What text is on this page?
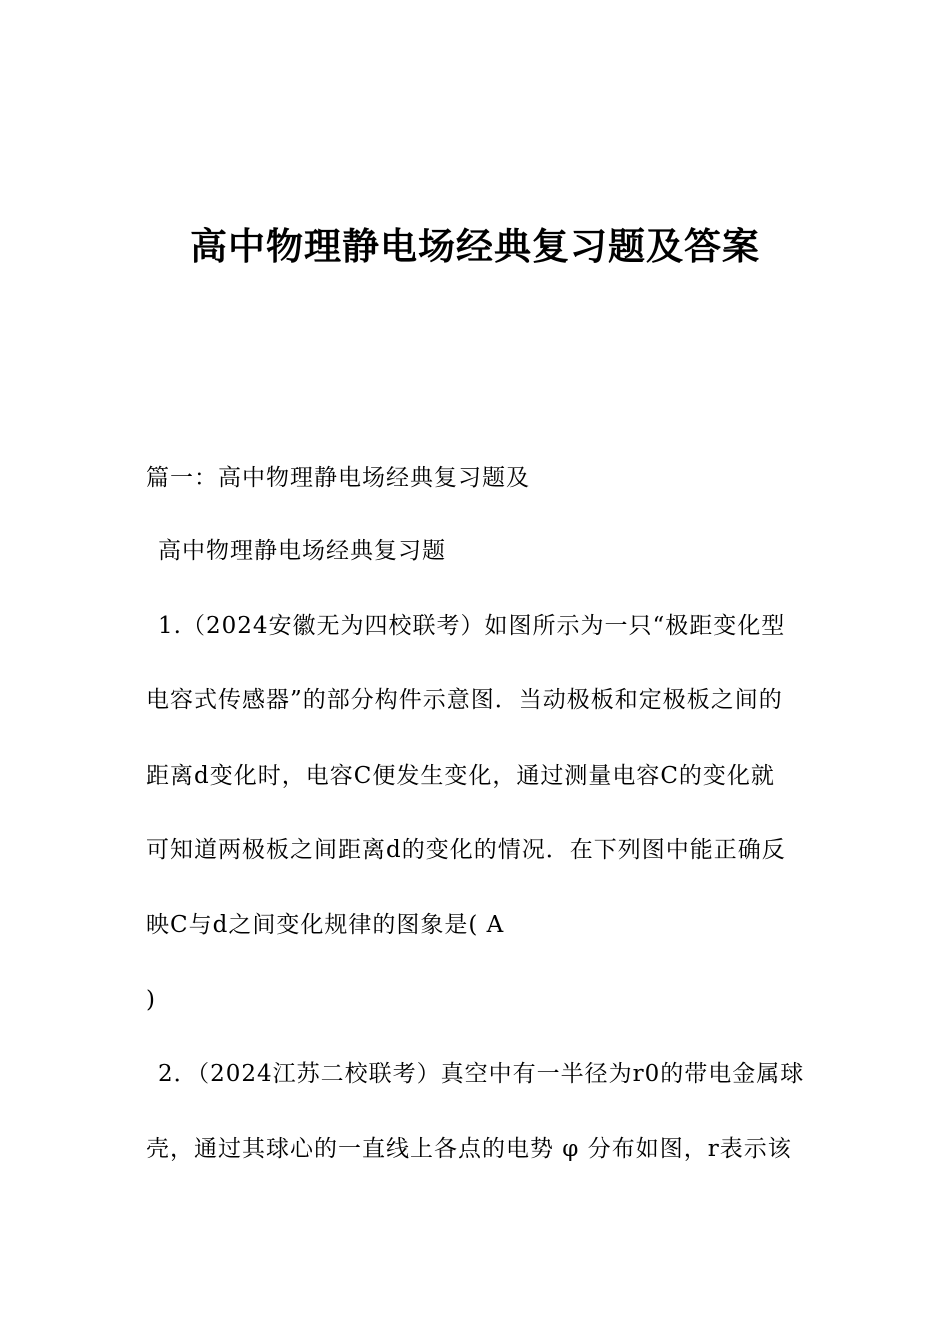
高中物理静电场经典复习题及答案
篇一：高中物理静电场经典复习题及
高中物理静电场经典复习题
1.（2024安徽无为四校联考）如图所示为一只“极距变化型
电容式传感器”的部分构件示意图．当动极板和定极板之间的
距离d变化时，电容C便发生变化，通过测量电容C的变化就
可知道两极板之间距离d的变化的情况．在下列图中能正确反
映C与d之间变化规律的图象是( A
)
2．（2024江苏二校联考）真空中有一半径为r0的带电金属球
壳，通过其球心的一直线上各点的电势 φ 分布如图，r表示该
